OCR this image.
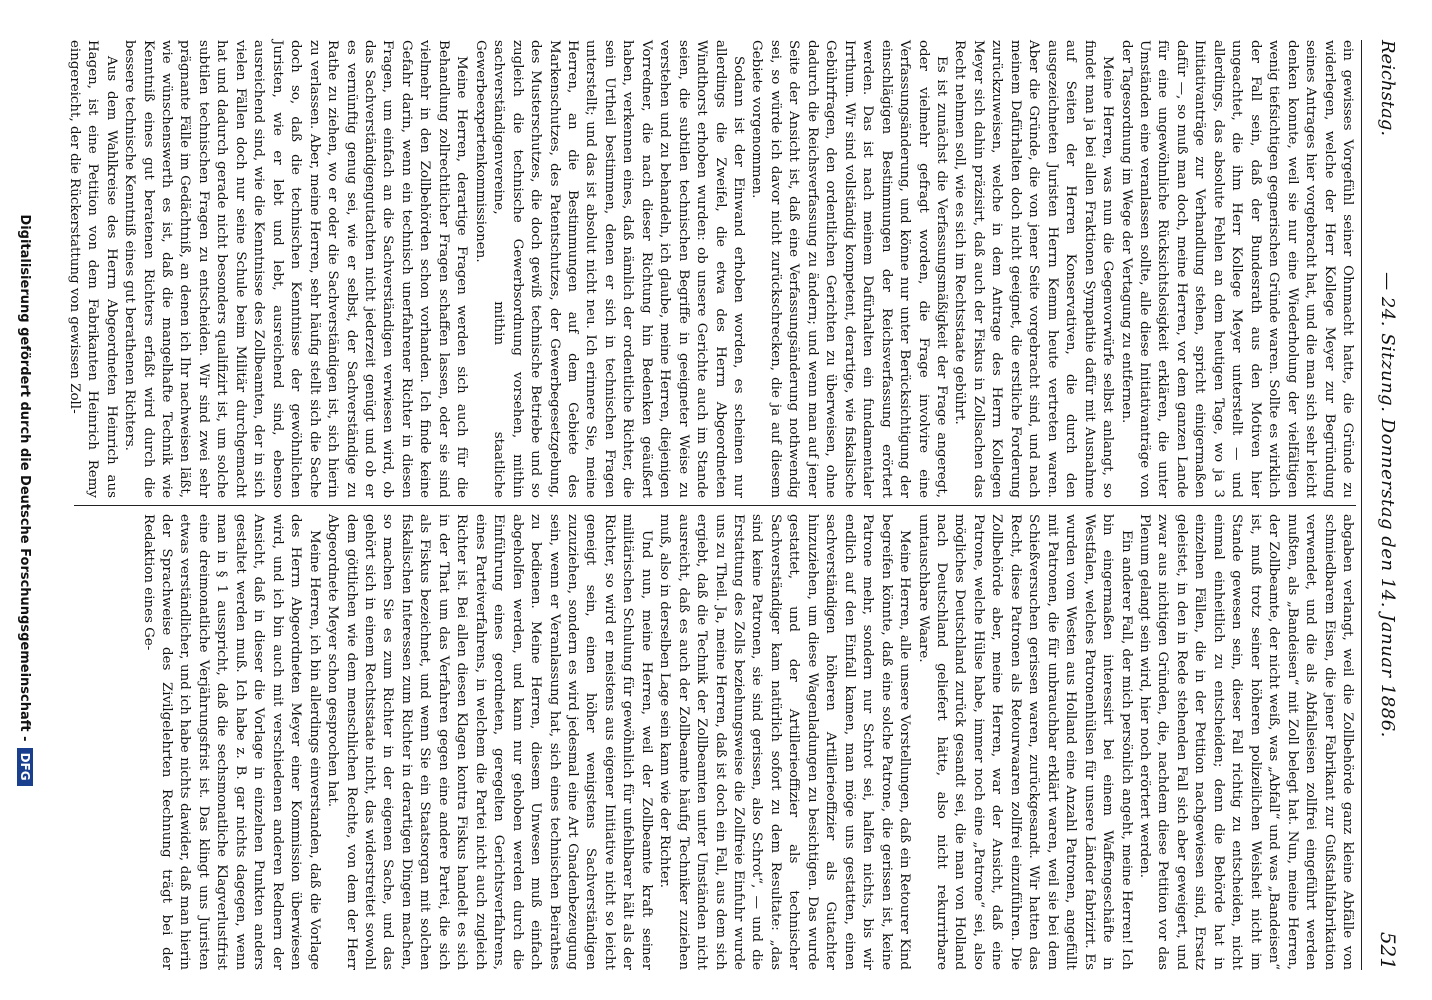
Reichstag.
— 24. Sitzung. Donnerstag den 14. Januar 1886.
521

ein gewisses Vorgefühl seiner Ohnmacht hatte, die Gründe zu widerlegen, welche der Herr Kollege Meyer zur Begründung seines Antrages hier vorgebracht hat, und die man sich sehr leicht denken konnte, weil sie nur eine Wiederholung der vielfältigen wenig tiefsichtigen gegnerischen Gründe waren. Sollte es wirklich der Fall sein, daß der Bundesrath aus den Motiven hier ungeachtet, die ihm Herr Kollege Meyer unterstellt — und allerdings, das absolute Fehlen an dem heutigen Tage, wo ja 3 Initiativanträge zur Verhandlung stehen, spricht einigermaßen dafür —, so muß man doch, meine Herren, vor dem ganzen Lande für eine ungewöhnliche Rücksichtslosigkeit erklären, die unter Umständen eine veranlassen sollte, alle diese Initiativanträge von der Tagesordnung im Wege der Vertagung zu entfernen.

Meine Herren, was nun die Gegenvorwürfe selbst anlangt, so findet man ja bei allen Fraktionen Sympathie dafür mit Ausnahme auf Seiten der Herren Konservativen, die durch den ausgezeichneten Juristen Herrn Kemm heute vertreten waren. Aber die Gründe, die von jener Seite vorgebracht sind, und nach meinem Dafürhalten doch nicht geeignet, die erstliche Forderung zurückzuweisen, welche in dem Antrage des Herrn Kollegen Meyer sich dahin präzisirt, daß auch der Fiskus in Zollsachen das Recht nehmen soll, wie es sich im Rechtsstaate gebührt.

Es ist zunächst die Verfassungsmäßigkeit der Frage angeregt, oder vielmehr gefragt worden, die Frage involvire eine Verfassungsänderung, und könne nur unter Berücksichtigung der einschlägigen Bestimmungen der Reichsverfassung erörtert werden. Das ist nach meinem Dafürhalten ein fundamentaler Irrthum. Wir sind vollständig kompetent, derartige, wie fiskalische Gebührfragen, den ordentlichen Gerichten zu überweisen, ohne dadurch die Reichsverfassung zu ändern; und wenn man auf jener Seite der Ansicht ist, daß eine Verfassungsänderung nothwendig sei, so würde ich davor nicht zurückschrecken, die ja auf diesem Gebiete vorgenommen.

Sodann ist der Einwand erhoben worden, es scheinen nur allerdings die Zweifel, die etwa des Herrn Abgeordneten Windthorst erhoben wurden: ob unsere Gerichte auch im Stande seien, die subtilen technischen Begriffe in geeigneter Weise zu verstehen und zu behandeln, ich glaube, meine Herren, diejenigen Vorredner, die nach dieser Richtung hin Bedenken geäußert haben, verkennen eines, daß nämlich der ordentliche Richter, die sein Urtheil bestimmen, denen er sich in technischen Fragen unterstellt; und das ist absolut nicht neu. Ich erinnere Sie, meine Herren, an die Bestimmungen auf dem Gebiete des Markenschutzes, des Patentschutzes, der Gewerbegesetzgebung, des Musterschutzes, die doch gewiß technische Betriebe und so zugleich die technische Gewerbsordnung vorsehen, mithin sachverständigenvereine, mithin staatliche Gewerbeexpertenkommissionen.

Meine Herren, derartige Fragen werden sich auch für die Behandlung zollrechtlicher Fragen schaffen lassen, oder sie sind vielmehr in den Zollbehörden schon vorhanden. Ich finde keine Gefahr darin, wenn ein technisch unerfahrener Richter in diesen Fragen, um einfach an die Sachverständigen verwiesen wird, ob das Sachverständigengutachten nicht jederzeit genügt und ob er es vernünftig genug sei, wie er selbst, der Sachverständige zu Rathe zu ziehen, wo er oder die Sachverständigen ist, sich hierin zu verlassen. Aber, meine Herren, sehr häufig stellt sich die Sache doch so, daß die technischen Kenntnisse der gewöhnlichen Juristen, wie er lebt und lebt, ausreichend sind, ebenso ausreichend sind, wie die Kenntnisse des Zollbeamten, der in sich vielen Fällen doch nur seine Schule beim Militär durchgemacht hat und dadurch gerade nicht besonders qualifizirt ist, um solche subtilen technischen Fragen zu entscheiden. Wir sind zwei sehr prägnante Fälle im Gedächtniß, an denen ich Ihr nachweisen läßt, wie wünschenswerth es ist, daß die mangelhafte Technik wie Kenntniß eines gut beratenen Richters erfaßt wird durch die bessere technische Kenntniß eines gut berathenen Richters.

Aus dem Wahlkreise des Herrn Abgeordneten Heinrich aus Hagen, ist eine Petition von dem Fabrikanten Heinrich Remy eingereicht, der die Rückerstattung von gewissen Zoll-

abgaben verlangt, weil die Zollbehörde ganz kleine Abfälle von schmiedbarem Eisen, die jener Fabrikant zur Gußstahlfabrikation verwendet, und die als Abfallseisen zollfrei eingeführt werden mußten, als „Bandeisen“ mit Zoll belegt hat. Nun, meine Herren, der Zollbeamte, der nicht weiß, was „Abfall“ und was „Bandeisen“ ist, muß trotz seiner höheren polizeilichen Weisheit nicht im Stande gewesen sein, dieser Fall richtig zu entscheiden, nicht einmal einheitlich zu entscheiden; denn die Behörde hat in einzelnen Fällen, die in der Petition nachgewiesen sind, Ersatz geleistet, in den in Rede stehenden Fall sich aber geweigert, und zwar aus nichtigen Gründen, die, nachdem diese Petition vor das Plenum gelangt sein wird, hier noch erörtert werden.

Ein anderer Fall, der mich persönlich angeht, meine Herren! Ich bin eingermaßen interessirt bei einem Waffengeschäfte in Westfalen, welches Patronenhülsen für unsere Länder fabrizirt. Es wurden vom Westen aus Holland eine Anzahl Patronen, angefüllt mit Patronen, die für unbrauchbar erklärt waren, weil sie bei dem Schießversuchen gerissen waren, zurückgesandt. Wir hatten das Recht, diese Patronen als Retourwaaren zollfrei einzuführen. Die Zollbehörde aber, meine Herren, war der Ansicht, daß eine Patrone, welche Hülse habe, immer noch eine „Patrone“ sei, also mögliches Deutschland zurück gesandt sei, die man von Holland nach Deutschland geliefert hätte, also nicht rekurrirbare umtauschbare Waare.

Meine Herren, alle unsere Vorstellungen, daß ein Retourer Kind begreifen könnte, daß eine solche Patrone, die gerissen ist, keine Patrone mehr, sondern nur Schrot sei, halfen nichts, bis wir endlich auf den Einfall kamen, man möge uns gestatten, einen sachverständigen höheren Artillerieoffizier als Gutachter hinzuziehen, um diese Wagenladungen zu besichtigen. Das wurde gestattet, und der Artillerieoffizier als technischer Sachverständiger kam natürlich sofort zu dem Resultate: „das sind keine Patronen, sie sind gerissen, also Schrot“, — und die Erstattung des Zolls beziehungsweise die Zollfreie Einfuhr wurde uns zu Theil. Ja, meine Herren, daß ist doch ein Fall, aus dem sich ergiebt, daß die Technik der Zollbeamten unter Umständen nicht ausreicht, daß es auch der Zollbeamte häufig Techniker zuziehen muß, also in derselben Lage sein kann wie der Richter.

Und nun, meine Herren, weil der Zollbeamte kraft seiner militärischen Schulung für gewöhnlich für unfehlbarer hält als der Richter, so wird er meistens aus eigener Initiative nicht so leicht geneigt sein, einen höher wenigstens Sachverständigen zuzuziehen, sondern es wird jedesmal eine Art Gnadenbezeugung sein, wenn er Veranlassung hat, sich eines technischen Beirathes zu bedienen. Meine Herren, diesem Unwesen muß einfach abgeholfen werden, und kann nur gehoben werden durch die Einführung eines geordneten, geregelten Gerichtsverfahrens, eines Parteiverfahrens, in welchem die Partei nicht auch zugleich Richter ist. Bei allen diesen Klagen kontra Fiskus handelt es sich in der That um das Verfahren gegen eine andere Partei, die sich als Fiskus bezeichnet, und wenn Sie ein Staatsorgan mit solchen fiskalischen Interessen zum Richter in derartigen Dingen machen, so machen Sie es zum Richter in der eigenen Sache, und das gehört sich in einem Rechtsstaate nicht, das widerstreitet sowohl dem göttlichen wie dem menschlichen Rechte, von dem der Herr Abgeordnete Meyer schon gesprochen hat.

Meine Herren, ich bin allerdings einverstanden, daß die Vorlage des Herrn Abgeordneten Meyer einer Kommission überwiesen wird, und ich bin auch mit verschiedenen anderen Rednern der Ansicht, daß in dieser die Vorlage in einzelnen Punkten anders gestaltet werden muß. Ich habe z. B. gar nichts dagegen, wenn man in § 1 ausspricht, daß die sechsmonatliche Klagverlustfrist eine dreimonatliche Verjährungsfrist ist. Das klingt uns Juristen etwas verständlicher, und ich habe nichts dawider, daß man hierin der Sprachweise des Zivilgelehrten Rechnung trägt bei der Redaktion eines Ge-

Digitalisierung gefördert durch die Deutsche Forschungsgemeinschaft -
DFG
